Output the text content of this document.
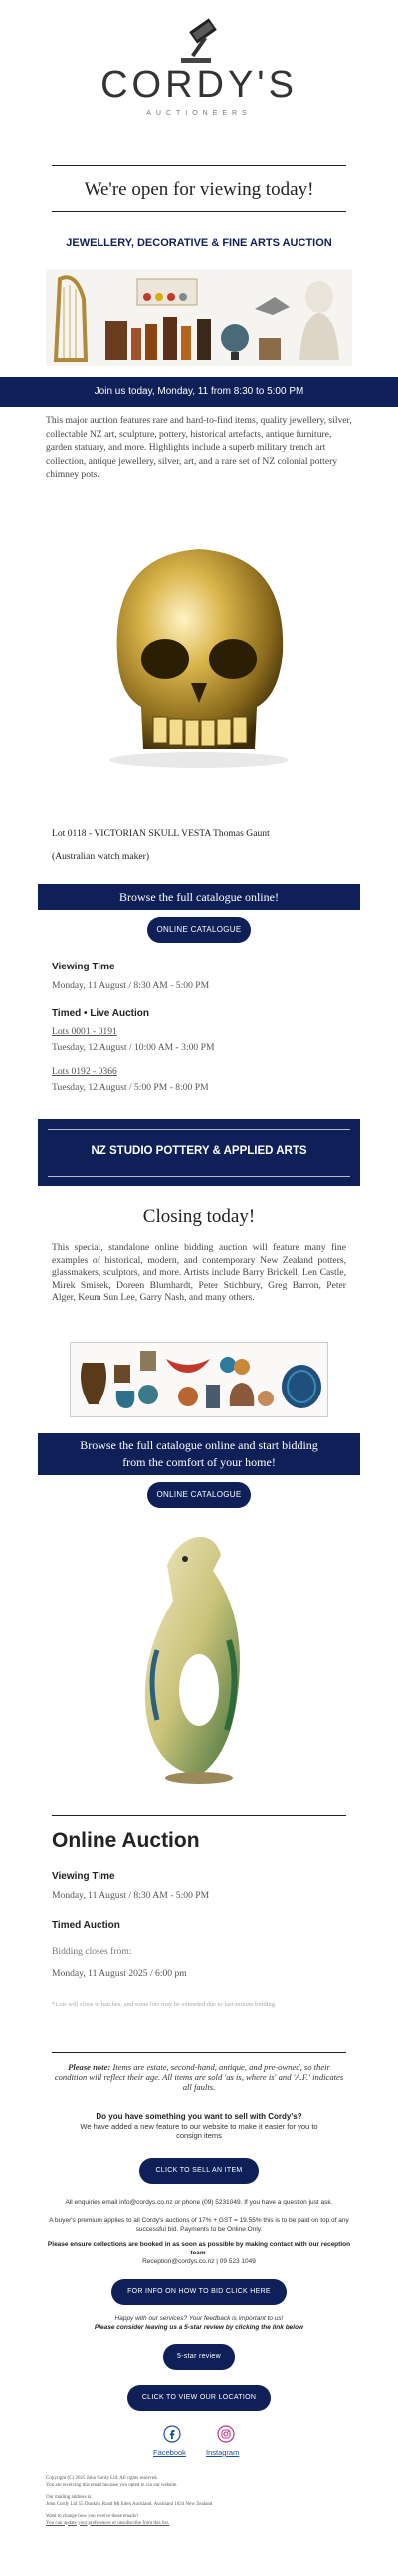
CORDY'S
AUCTIONEERS
We're open for viewing today!
JEWELLERY, DECORATIVE & FINE ARTS AUCTION
Join us today, Monday, 11 from 8:30 to 5:00 PM
This major auction features rare and hard-to-find items, quality jewellery, silver, collectable NZ art, sculpture, pottery, historical artefacts, antique furniture, garden statuary, and more. Highlights include a superb military trench art collection, antique jewellery, silver, art, and a rare set of NZ colonial pottery chimney pots.
Lot 0118 - VICTORIAN SKULL VESTA Thomas Gaunt
(Australian watch maker)
Browse the full catalogue online!
ONLINE CATALOGUE
Viewing Time
Monday, 11 August / 8:30 AM - 5:00 PM
Timed • Live Auction
Lots 0001 - 0191
Tuesday, 12 August / 10:00 AM - 3:00 PM
Lots 0192 - 0366
Tuesday, 12 August / 5:00 PM - 8:00 PM
NZ STUDIO POTTERY & APPLIED ARTS
Closing today!
This special, standalone online bidding auction will feature many fine examples of historical, modern, and contemporary New Zealand potters, glassmakers, sculptors, and more. Artists include Barry Brickell, Len Castle, Mirek Smisek, Doreen Blumhardt, Peter Stichbury, Greg Barron, Peter Alger, Keum Sun Lee, Garry Nash, and many others.
Browse the full catalogue online and start bidding
from the comfort of your home!
ONLINE CATALOGUE
Online Auction
Viewing Time
Monday, 11 August / 8:30 AM - 5:00 PM
Timed Auction
Bidding closes from:
Monday, 11 August 2025 / 6:00 pm
*Lots will close in batches, and some lots may be extended due to last-minute bidding.
Please note: Items are estate, second-hand, antique, and pre-owned, so their condition will reflect their age. All items are sold 'as is, where is' and 'A.F.' indicates all faults.
Do you have something you want to sell with Cordy's?
We have added a new feature to our website to make it easier for you to consign items
CLICK TO SELL AN ITEM
All enquiries email info@cordys.co.nz or phone (09) 5231049. If you have a question just ask.
A buyer's premium applies to all Cordy's auctions of 17% + GST = 19.55% this is to be paid on top of any successful bid. Payments to be Online Only.
Please ensure collections are booked in as soon as possible by making contact with our reception team.
Reception@cordys.co.nz | 09 523 1049
FOR INFO ON HOW TO BID CLICK HERE
Happy with our services? Your feedback is important to us!
Please consider leaving us a 5-star review by clicking the link below
5-star review
CLICK TO VIEW OUR LOCATION
Facebook	Instagram
Copyright (C) 2025 John Cordy Ltd. All rights reserved.
You are receiving this email because you opted in via our website.
Our mailing address is:
John Cordy Ltd 55 Dunkirk Road Mt Eden Auckland, Auckland 1024 New Zealand
Want to change how you receive these emails?
You can update your preferences or unsubscribe from this list.
